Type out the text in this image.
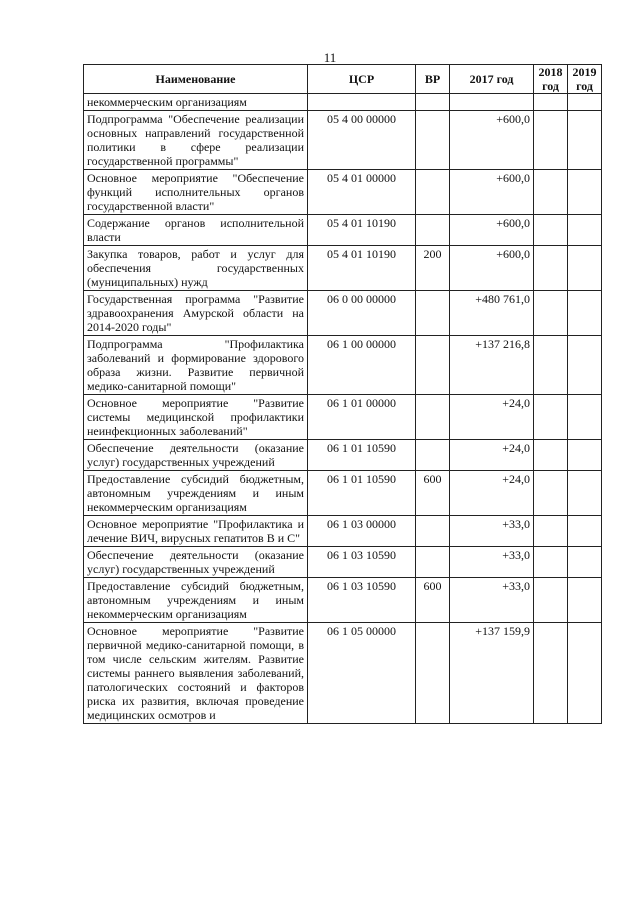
11
Наименование	ЦСР	ВР	2017 год	2018 год	2019 год
некоммерческим организациям					
Подпрограмма "Обеспечение реализации основных направлений государственной политики в сфере реализации государственной программы"	05 4 00 00000		+600,0		
Основное мероприятие "Обеспечение функций исполнительных органов государственной власти"	05 4 01 00000		+600,0		
Содержание органов исполнительной власти	05 4 01 10190		+600,0		
Закупка товаров, работ и услуг для обеспечения государственных (муниципальных) нужд	05 4 01 10190	200	+600,0		
Государственная программа "Развитие здравоохранения Амурской области на 2014-2020 годы"	06 0 00 00000		+480 761,0		
Подпрограмма "Профилактика заболеваний и формирование здорового образа жизни. Развитие первичной медико-санитарной помощи"	06 1 00 00000		+137 216,8		
Основное мероприятие "Развитие системы медицинской профилактики неинфекционных заболеваний"	06 1 01 00000		+24,0		
Обеспечение деятельности (оказание услуг) государственных учреждений	06 1 01 10590		+24,0		
Предоставление субсидий бюджетным, автономным учреждениям и иным некоммерческим организациям	06 1 01 10590	600	+24,0		
Основное мероприятие "Профилактика и лечение ВИЧ, вирусных гепатитов В и С"	06 1 03 00000		+33,0		
Обеспечение деятельности (оказание услуг) государственных учреждений	06 1 03 10590		+33,0		
Предоставление субсидий бюджетным, автономным учреждениям и иным некоммерческим организациям	06 1 03 10590	600	+33,0		
Основное мероприятие "Развитие первичной медико-санитарной помощи, в том числе сельским жителям. Развитие системы раннего выявления заболеваний, патологических состояний и факторов риска их развития, включая проведение медицинских осмотров и	06 1 05 00000		+137 159,9		
